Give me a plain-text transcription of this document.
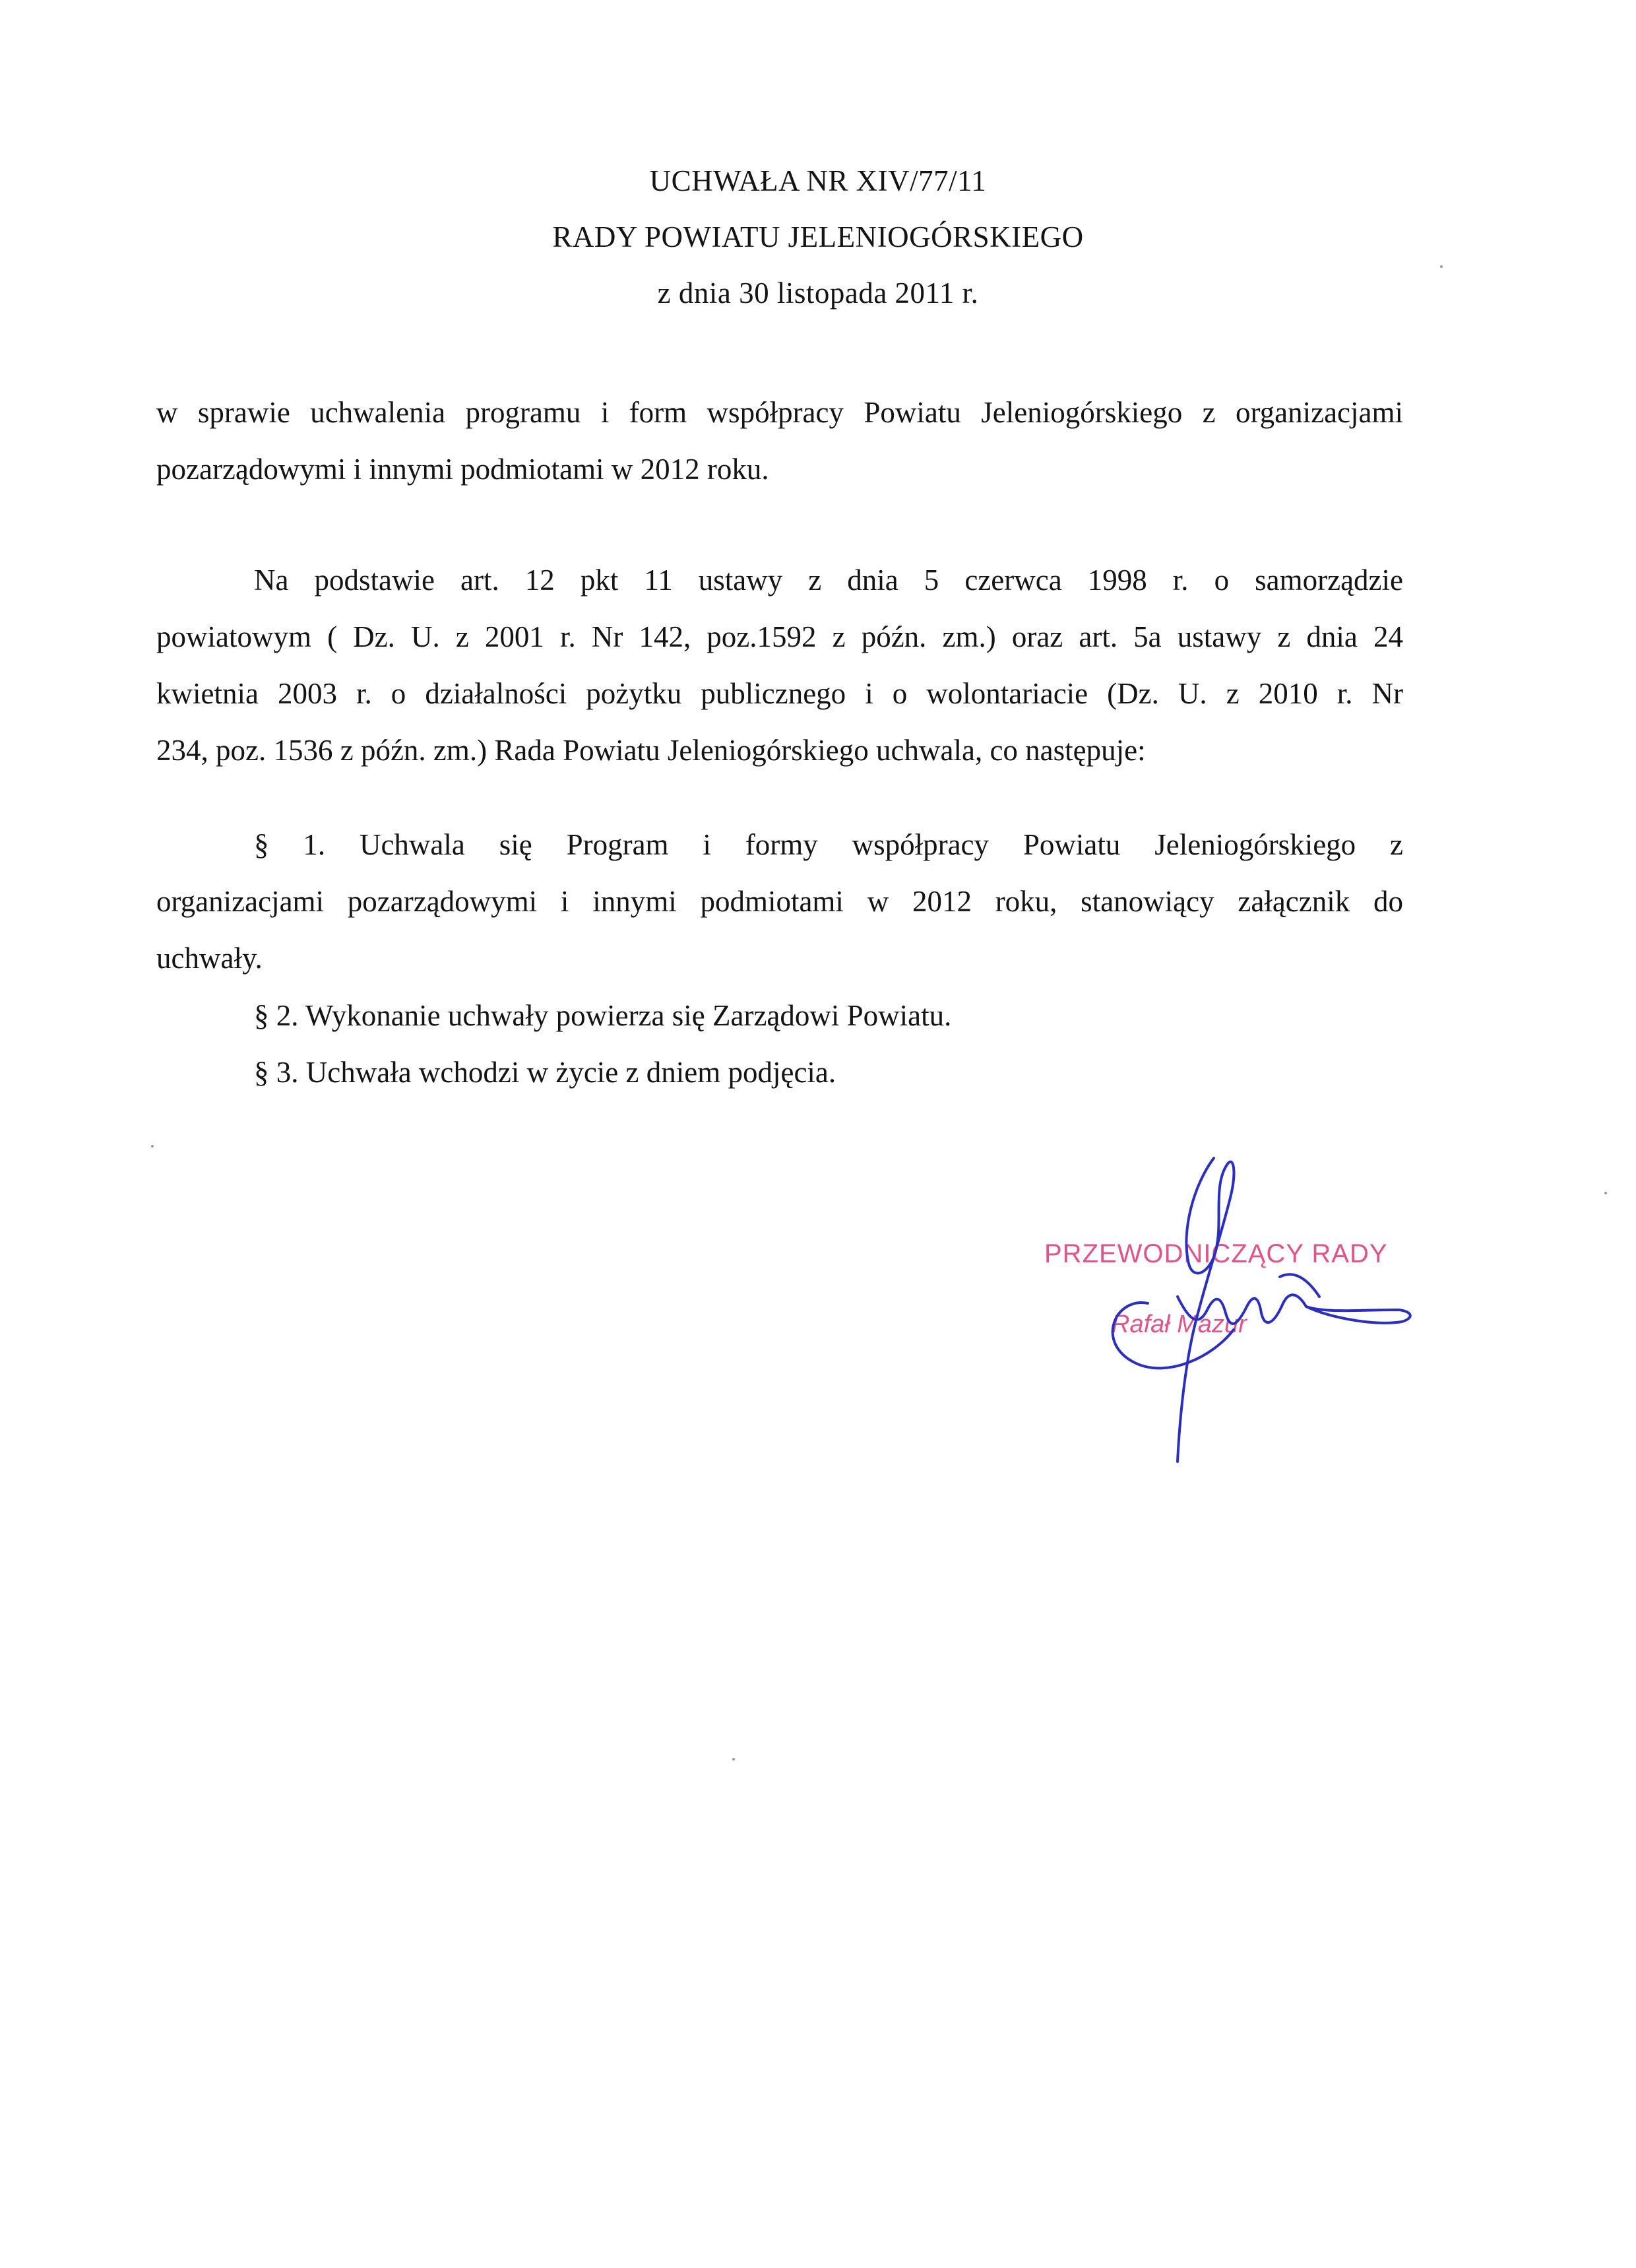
UCHWAŁA NR XIV/77/11
RADY POWIATU JELENIOGÓRSKIEGO
z dnia 30 listopada 2011 r.
w sprawie uchwalenia programu i form współpracy Powiatu Jeleniogórskiego z organizacjami
pozarządowymi i innymi podmiotami w 2012 roku.
Na podstawie art. 12 pkt 11 ustawy z dnia 5 czerwca 1998 r. o samorządzie
powiatowym ( Dz. U. z 2001 r. Nr 142, poz.1592 z późn. zm.) oraz art. 5a ustawy z dnia 24
kwietnia 2003 r. o działalności pożytku publicznego i o wolontariacie (Dz. U. z 2010 r. Nr
234, poz. 1536 z późn. zm.) Rada Powiatu Jeleniogórskiego uchwala, co następuje:
§ 1. Uchwala się Program i formy współpracy Powiatu Jeleniogórskiego z
organizacjami pozarządowymi i innymi podmiotami w 2012 roku, stanowiący załącznik do
uchwały.
§ 2. Wykonanie uchwały powierza się Zarządowi Powiatu.
§ 3. Uchwała wchodzi w życie z dniem podjęcia.
PRZEWODNICZĄCY RADY
Rafał Mazur
